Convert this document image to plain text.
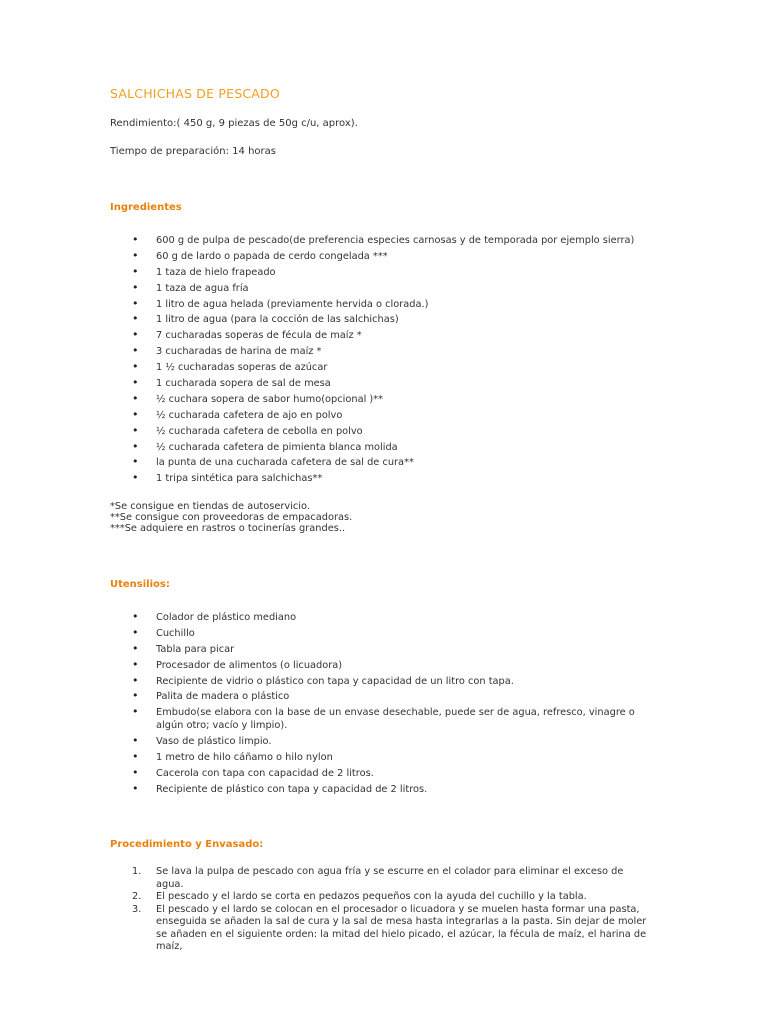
SALCHICHAS DE PESCADO
Rendimiento:( 450 g, 9 piezas de 50g c/u, aprox).
Tiempo de preparación: 14 horas
Ingredientes
• 600 g de pulpa de pescado(de preferencia especies carnosas y de temporada por ejemplo sierra)
• 60 g de lardo o papada de cerdo congelada ***
• 1 taza de hielo frapeado
• 1 taza de agua fría
• 1 litro de agua helada (previamente hervida o clorada.)
• 1 litro de agua (para la cocción de las salchichas)
• 7 cucharadas soperas de fécula de maíz *
• 3 cucharadas de harina de maíz *
• 1 ½ cucharadas soperas de azúcar
• 1 cucharada sopera de sal de mesa
• ½ cuchara sopera de sabor humo(opcional )**
• ½ cucharada cafetera de ajo en polvo
• ½ cucharada cafetera de cebolla en polvo
• ½ cucharada cafetera de pimienta blanca molida
• la punta de una cucharada cafetera de sal de cura**
• 1 tripa sintética para salchichas**
*Se consigue en tiendas de autoservicio.
**Se consigue con proveedoras de empacadoras.
***Se adquiere en rastros o tocinerías grandes..
Utensilios:
• Colador de plástico mediano
• Cuchillo
• Tabla para picar
• Procesador de alimentos (o licuadora)
• Recipiente de vidrio o plástico con tapa y capacidad de un litro con tapa.
• Palita de madera o plástico
• Embudo(se elabora con la base de un envase desechable, puede ser de agua, refresco, vinagre o algún otro; vacío y limpio).
• Vaso de plástico limpio.
• 1 metro de hilo cáñamo o hilo nylon
• Cacerola con tapa con capacidad de 2 litros.
• Recipiente de plástico con tapa y capacidad de 2 litros.
Procedimiento y Envasado:
1. Se lava la pulpa de pescado con agua fría y se escurre en el colador para eliminar el exceso de agua.
2. El pescado y el lardo se corta en pedazos pequeños con la ayuda del cuchillo y la tabla.
3. El pescado y el lardo se colocan en el procesador o licuadora y se muelen hasta formar una pasta, enseguida se añaden la sal de cura y la sal de mesa hasta integrarlas a la pasta. Sin dejar de moler se añaden en el siguiente orden: la mitad del hielo picado, el azúcar, la fécula de maíz, el harina de maíz,
